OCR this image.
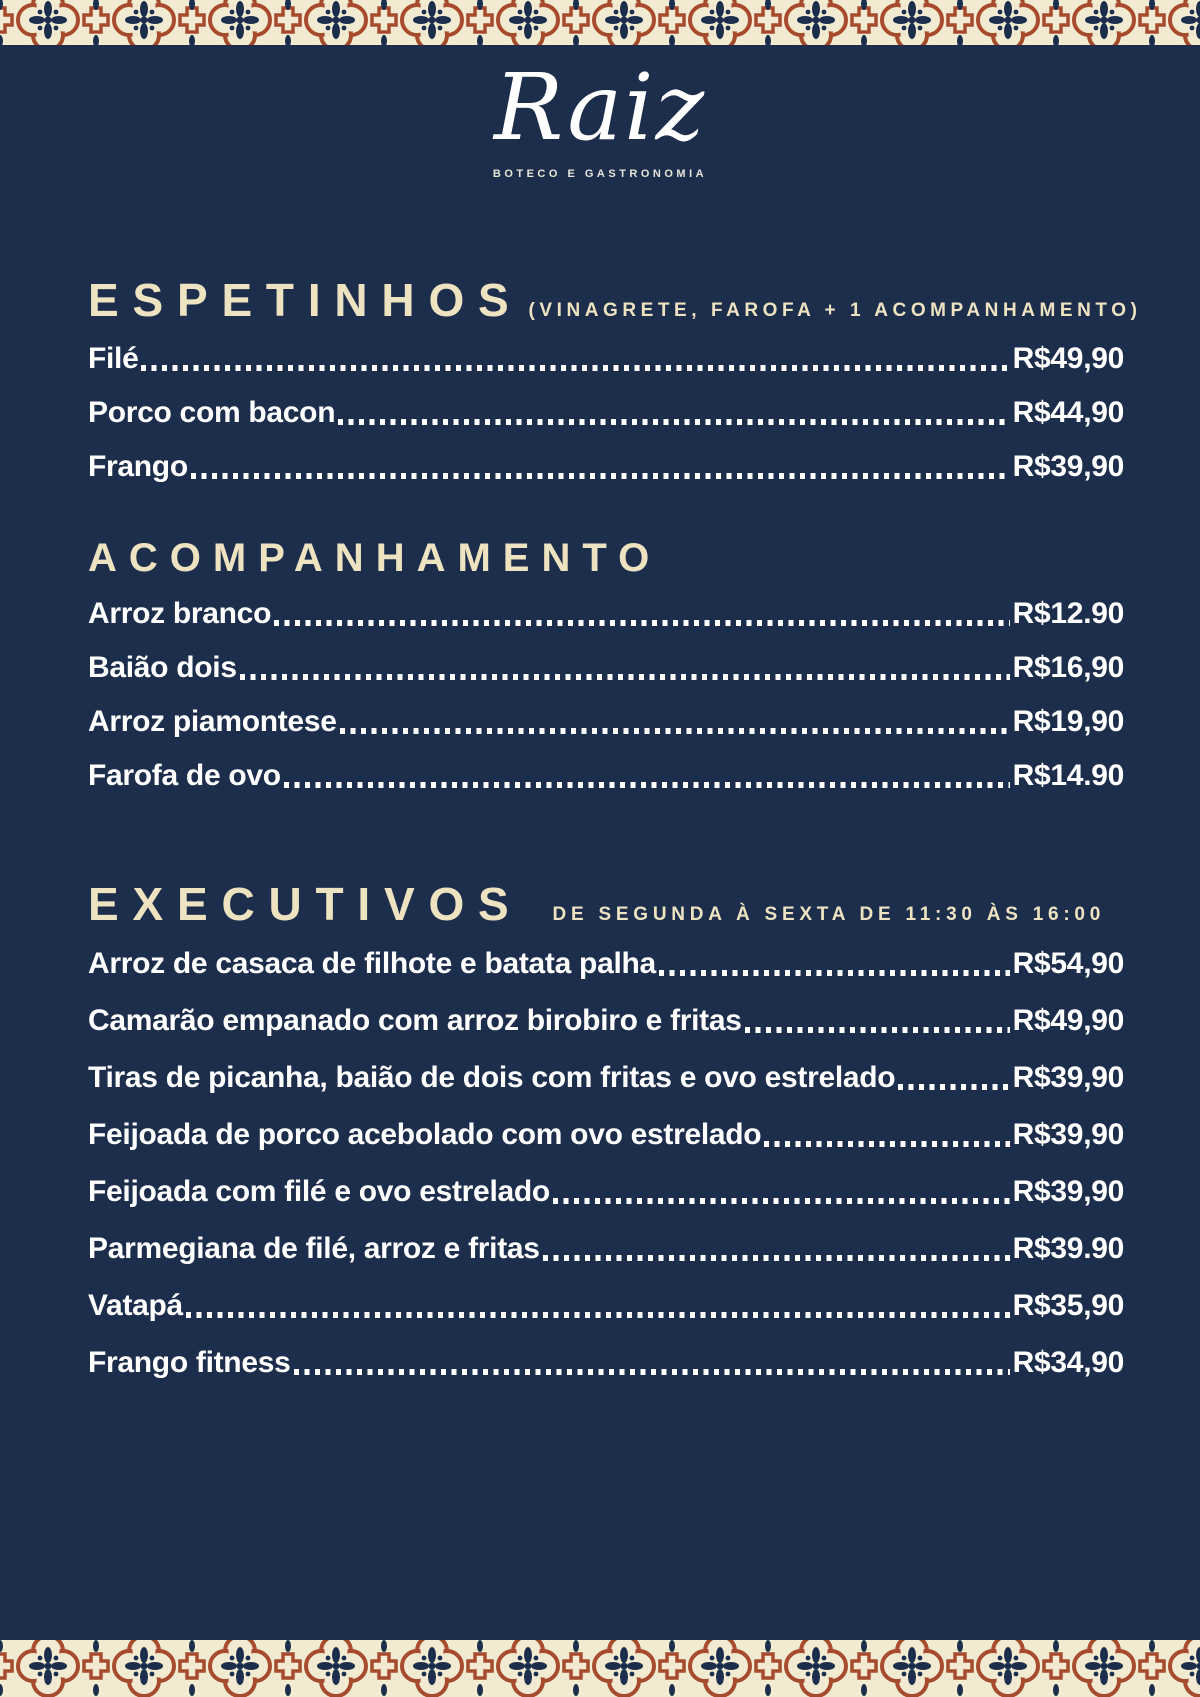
Raiz
BOTECO E GASTRONOMIA
ESPETINHOS (VINAGRETE, FAROFA + 1 ACOMPANHAMENTO)
Filé	R$49,90
Porco com bacon	R$44,90
Frango	R$39,90
ACOMPANHAMENTO
Arroz branco	R$12.90
Baião dois	R$16,90
Arroz piamontese	R$19,90
Farofa de ovo	R$14.90
EXECUTIVOS DE SEGUNDA À SEXTA DE 11:30 ÀS 16:00
Arroz de casaca de filhote e batata palha	R$54,90
Camarão empanado com arroz birobiro e fritas	R$49,90
Tiras de picanha, baião de dois com fritas e ovo estrelado	R$39,90
Feijoada de porco acebolado com ovo estrelado	R$39,90
Feijoada com filé e ovo estrelado	R$39,90
Parmegiana de filé, arroz e fritas	R$39.90
Vatapá	R$35,90
Frango fitness	R$34,90
